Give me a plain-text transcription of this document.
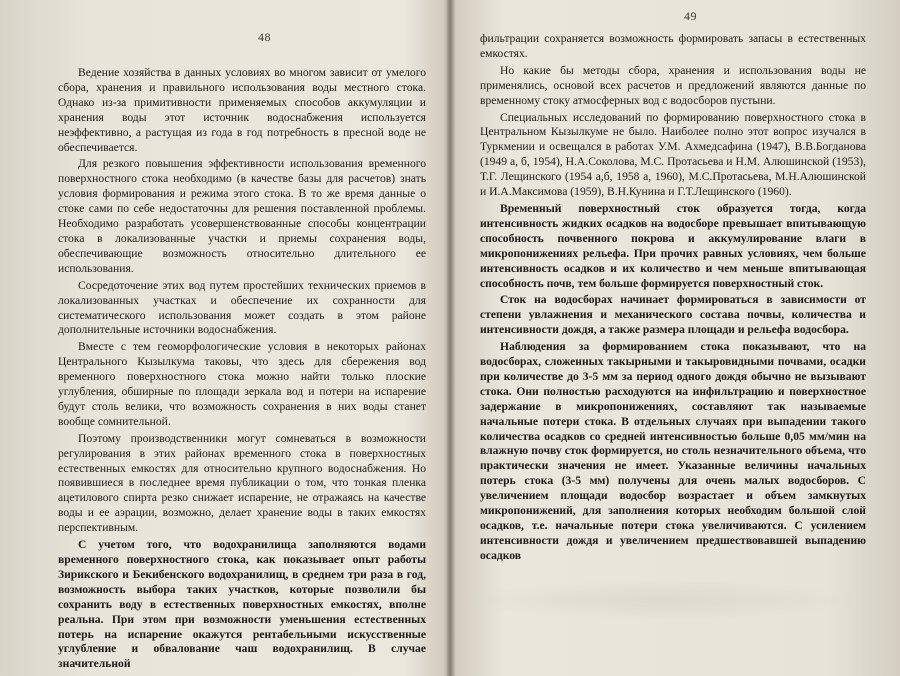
48

Ведение хозяйства в данных условиях во многом зависит от умелого сбора, хранения и правильного использования воды местного стока. Однако из-за примитивности применяемых способов аккумуляции и хранения воды этот источник водоснабжения используется неэффективно, а растущая из года в год потребность в пресной воде не обеспечивается.

Для резкого повышения эффективности использования временного поверхностного стока необходимо (в качестве базы для расчетов) знать условия формирования и режима этого стока. В то же время данные о стоке сами по себе недостаточны для решения поставленной проблемы. Необходимо разработать усовершенствованные способы концентрации стока в локализованные участки и приемы сохранения воды, обеспечивающие возможность относительно длительного ее использования.

Сосредоточение этих вод путем простейших технических приемов в локализованных участках и обеспечение их сохранности для систематического использования может создать в этом районе дополнительные источники водоснабжения.

Вместе с тем геоморфологические условия в некоторых районах Центрального Кызылкума таковы, что здесь для сбережения вод временного поверхностного стока можно найти только плоские углубления, обширные по площади зеркала вод и потери на испарение будут столь велики, что возможность сохранения в них воды станет вообще сомнительной.

Поэтому производственники могут сомневаться в возможности регулирования в этих районах временного стока в поверхностных естественных емкостях для относительно крупного водоснабжения. Но появившиеся в последнее время публикации о том, что тонкая пленка ацетилового спирта резко снижает испарение, не отражаясь на качестве воды и ее аэрации, возможно, делает хранение воды в таких емкостях перспективным.

С учетом того, что водохранилища заполняются водами временного поверхностного стока, как показывает опыт работы Зирикского и Бекибенского водохранилищ, в среднем три раза в год, возможность выбора таких участков, которые позволили бы сохранить воду в естественных поверхностных емкостях, вполне реальна. При этом при возможности уменьшения естественных потерь на испарение окажутся рентабельными искусственные углубление и обвалование чаш водохранилищ. В случае значительной

49

фильтрации сохраняется возможность формировать запасы в естественных емкостях.

Но какие бы методы сбора, хранения и использования воды не применялись, основой всех расчетов и предложений являются данные по временному стоку атмосферных вод с водосборов пустыни.

Специальных исследований по формированию поверхностного стока в Центральном Кызылкуме не было. Наиболее полно этот вопрос изучался в Туркмении и освещался в работах У.М. Ахмедсафина (1947), В.В.Богданова (1949 а, б, 1954), Н.А.Соколова, М.С. Протасьева и Н.М. Алюшинской (1953), Т.Г. Лещинского (1954 а,б, 1958 а, 1960), М.С.Протасьева, М.Н.Алюшинской и И.А.Максимова (1959), В.Н.Кунина и Г.Т.Лещинского (1960).

Временный поверхностный сток образуется тогда, когда интенсивность жидких осадков на водосборе превышает впитывающую способность почвенного покрова и аккумулирование влаги в микропонижениях рельефа. При прочих равных условиях, чем больше интенсивность осадков и их количество и чем меньше впитывающая способность почв, тем больше формируется поверхностный сток.

Сток на водосборах начинает формироваться в зависимости от степени увлажнения и механического состава почвы, количества и интенсивности дождя, а также размера площади и рельефа водосбора.

Наблюдения за формированием стока показывают, что на водосборах, сложенных такырными и такыровидными почвами, осадки при количестве до 3-5 мм за период одного дождя обычно не вызывают стока. Они полностью расходуются на инфильтрацию и поверхностное задержание в микропонижениях, составляют так называемые начальные потери стока. В отдельных случаях при выпадении такого количества осадков со средней интенсивностью больше 0,05 мм/мин на влажную почву сток формируется, но столь незначительного объема, что практически значения не имеет. Указанные величины начальных потерь стока (3-5 мм) получены для очень малых водосборов. С увеличением площади водосбор возрастает и объем замкнутых микропонижений, для заполнения которых необходим большой слой осадков, т.е. начальные потери стока увеличиваются. С усилением интенсивности дождя и увеличением предшествовавшей выпадению осадков
